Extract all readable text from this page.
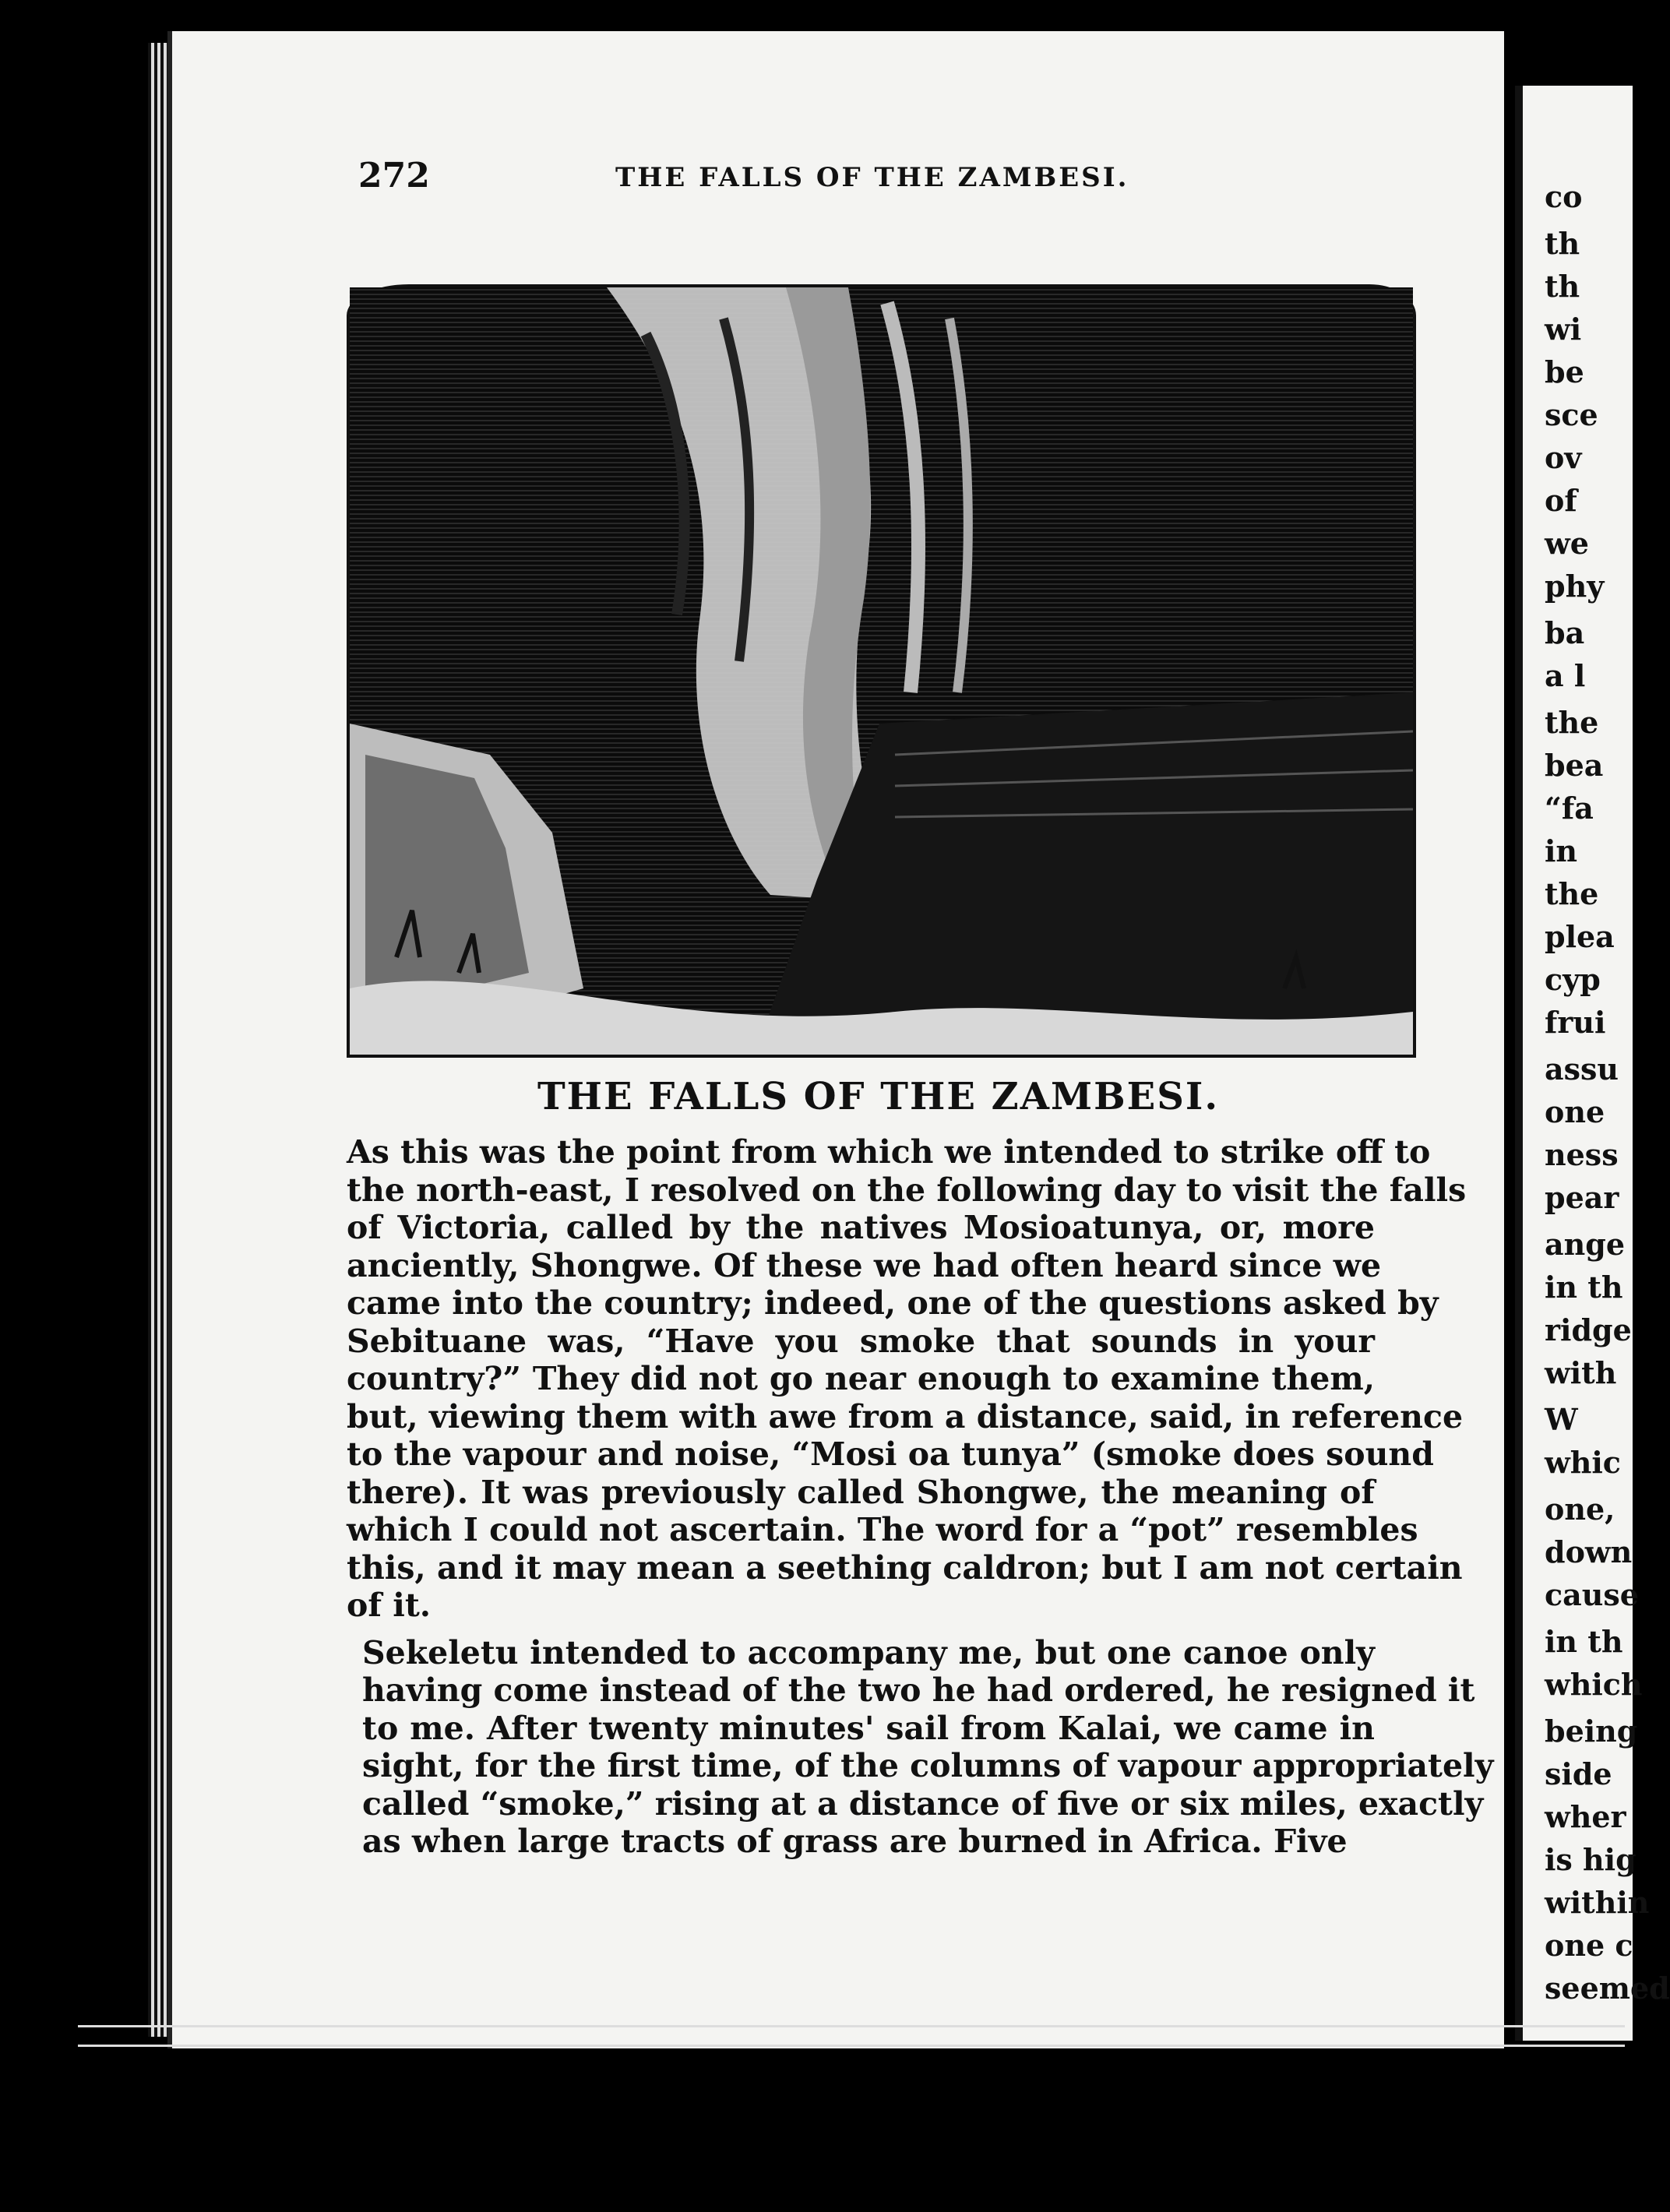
co
th
th
wi
be
sce
ov
of
we
phy
ba
a l
the
bea
“fa
in
the
plea
cyp
frui
assu
one
ness
pear
ange
in th
ridge
with
W
whic
one,
down
cause
in th
which
being
side
wher
is hig
within
one c
seemed
272	THE FALLS OF THE ZAMBESI.
THE FALLS OF THE ZAMBESI.

As this was the point from which we intended to strike off to
the north-east, I resolved on the following day to visit the falls
of Victoria, called by the natives Mosioatunya, or, more
anciently, Shongwe. Of these we had often heard since we
came into the country; indeed, one of the questions asked by
Sebituane was, “Have you smoke that sounds in your
country?” They did not go near enough to examine them,
but, viewing them with awe from a distance, said, in reference
to the vapour and noise, “Mosi oa tunya” (smoke does sound
there). It was previously called Shongwe, the meaning of
which I could not ascertain. The word for a “pot” resembles
this, and it may mean a seething caldron; but I am not certain
of it.

Sekeletu intended to accompany me, but one canoe only
having come instead of the two he had ordered, he resigned it
to me. After twenty minutes' sail from Kalai, we came in
sight, for the first time, of the columns of vapour appropriately
called “smoke,” rising at a distance of five or six miles, exactly
as when large tracts of grass are burned in Africa. Five
